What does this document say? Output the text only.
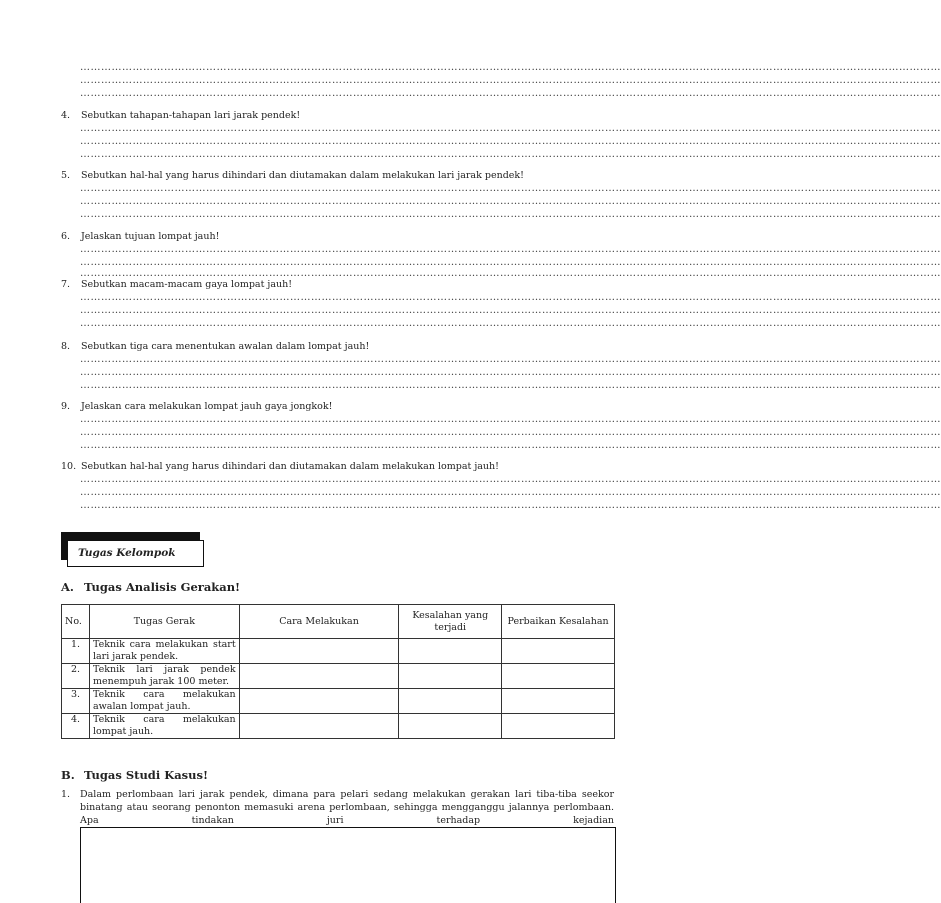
…………………………………………………………………………………………………………………………………………………………………………………………………………………………
…………………………………………………………………………………………………………………………………………………………………………………………………………………………
…………………………………………………………………………………………………………………………………………………………………………………………………………………………
4. Sebutkan tahapan-tahapan lari jarak pendek!
…………………………………………………………………………………………………………………………………………………………………………………………………………………………
…………………………………………………………………………………………………………………………………………………………………………………………………………………………
…………………………………………………………………………………………………………………………………………………………………………………………………………………………
5. Sebutkan hal-hal yang harus dihindari dan diutamakan dalam melakukan lari jarak pendek!
…………………………………………………………………………………………………………………………………………………………………………………………………………………………
…………………………………………………………………………………………………………………………………………………………………………………………………………………………
…………………………………………………………………………………………………………………………………………………………………………………………………………………………
6. Jelaskan tujuan lompat jauh!
…………………………………………………………………………………………………………………………………………………………………………………………………………………………
…………………………………………………………………………………………………………………………………………………………………………………………………………………………
…………………………………………………………………………………………………………………………………………………………………………………………………………………………
7. Sebutkan macam-macam gaya lompat jauh!
…………………………………………………………………………………………………………………………………………………………………………………………………………………………
…………………………………………………………………………………………………………………………………………………………………………………………………………………………
…………………………………………………………………………………………………………………………………………………………………………………………………………………………
8. Sebutkan tiga cara menentukan awalan dalam lompat jauh!
…………………………………………………………………………………………………………………………………………………………………………………………………………………………
…………………………………………………………………………………………………………………………………………………………………………………………………………………………
…………………………………………………………………………………………………………………………………………………………………………………………………………………………
9. Jelaskan cara melakukan lompat jauh gaya jongkok!
…………………………………………………………………………………………………………………………………………………………………………………………………………………………
…………………………………………………………………………………………………………………………………………………………………………………………………………………………
…………………………………………………………………………………………………………………………………………………………………………………………………………………………
10. Sebutkan hal-hal yang harus dihindari dan diutamakan dalam melakukan lompat jauh!
…………………………………………………………………………………………………………………………………………………………………………………………………………………………
…………………………………………………………………………………………………………………………………………………………………………………………………………………………
…………………………………………………………………………………………………………………………………………………………………………………………………………………………
Tugas Kelompok
A. Tugas Analisis Gerakan!
No.	Tugas Gerak	Cara Melakukan	Kesalahan yang terjadi	Perbaikan Kesalahan
1.	Teknik cara melakukan start lari jarak pendek.			
2.	Teknik lari jarak pendek menempuh jarak 100 meter.			
3.	Teknik cara melakukan awalan lompat jauh.			
4.	Teknik cara melakukan lompat jauh.			
B. Tugas Studi Kasus!
1. Dalam perlombaan lari jarak pendek, dimana para pelari sedang melakukan gerakan lari tiba-tiba seekor binatang atau seorang penonton memasuki arena perlombaan, sehingga mengganggu jalannya perlombaan. Apa tindakan juri terhadap kejadian
